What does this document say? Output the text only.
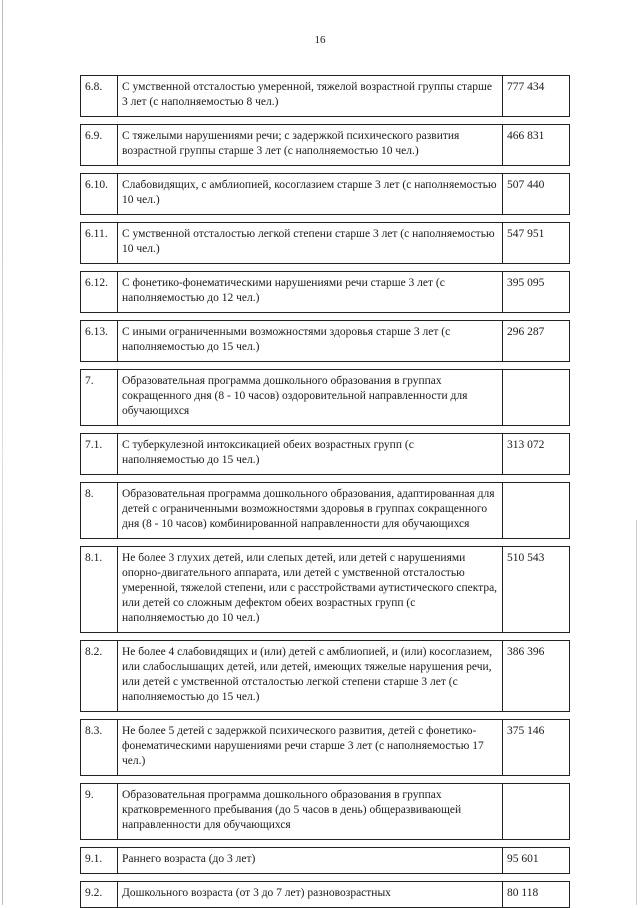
16
6.8.	С умственной отсталостью умеренной, тяжелой возрастной группы старше 3 лет (с наполняемостью 8 чел.)	777 434

6.9.	С тяжелыми нарушениями речи; с задержкой психического развития возрастной группы старше 3 лет (с наполняемостью 10 чел.)	466 831

6.10.	Слабовидящих, с амблиопией, косоглазием старше 3 лет (с наполняемостью 10 чел.)	507 440

6.11.	С умственной отсталостью легкой степени старше 3 лет (с наполняемостью 10 чел.)	547 951

6.12.	С фонетико-фонематическими нарушениями речи старше 3 лет (с наполняемостью до 12 чел.)	395 095

6.13.	С иными ограниченными возможностями здоровья старше 3 лет (с наполняемостью до 15 чел.)	296 287

7.	Образовательная программа дошкольного образования в группах сокращенного дня (8 - 10 часов) оздоровительной направленности для обучающихся	

7.1.	С туберкулезной интоксикацией обеих возрастных групп (с наполняемостью до 15 чел.)	313 072

8.	Образовательная программа дошкольного образования, адаптированная для детей с ограниченными возможностями здоровья в группах сокращенного дня (8 - 10 часов) комбинированной направленности для обучающихся	

8.1.	Не более 3 глухих детей, или слепых детей, или детей с нарушениями опорно-двигательного аппарата, или детей с умственной отсталостью умеренной, тяжелой степени, или с расстройствами аутистического спектра, или детей со сложным дефектом обеих возрастных групп (с наполняемостью до 10 чел.)	510 543

8.2.	Не более 4 слабовидящих и (или) детей с амблиопией, и (или) косоглазием, или слабослышащих детей, или детей, имеющих тяжелые нарушения речи, или детей с умственной отсталостью легкой степени старше 3 лет (с наполняемостью до 15 чел.)	386 396

8.3.	Не более 5 детей с задержкой психического развития, детей с фонетико-фонематическими нарушениями речи старше 3 лет (с наполняемостью 17 чел.)	375 146

9.	Образовательная программа дошкольного образования в группах кратковременного пребывания (до 5 часов в день) общеразвивающей направленности для обучающихся	

9.1.	Раннего возраста (до 3 лет)	95 601

9.2.	Дошкольного возраста (от 3 до 7 лет) разновозрастных	80 118
